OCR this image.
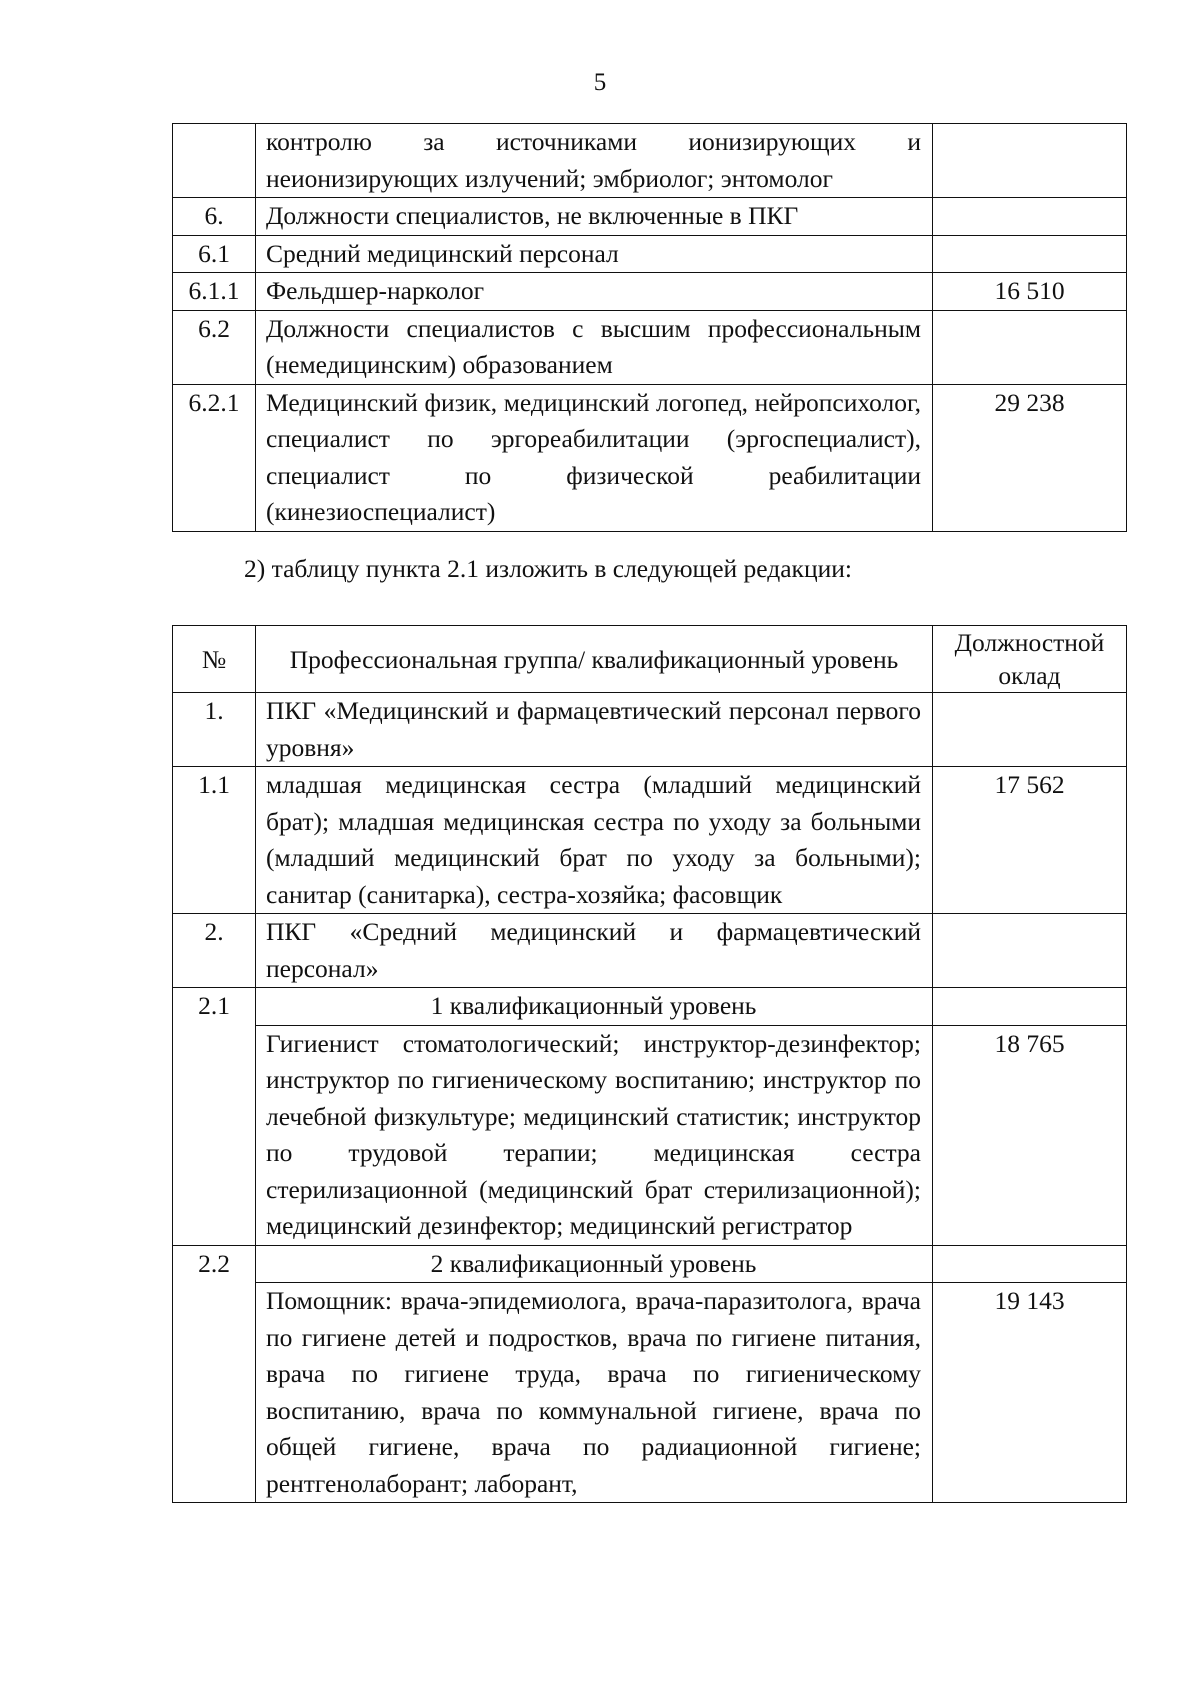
5
	контролю за источниками ионизирующих и неионизирующих излучений; эмбриолог; энтомолог	
6.	Должности специалистов, не включенные в ПКГ	
6.1	Средний медицинский персонал	
6.1.1	Фельдшер-нарколог	16 510
6.2	Должности специалистов с высшим профессиональным (немедицинским) образованием	
6.2.1	Медицинский физик, медицинский логопед, нейропсихолог, специалист по эргореабилитации (эргоспециалист), специалист по физической реабилитации (кинезиоспециалист)	29 238
2) таблицу пункта 2.1 изложить в следующей редакции:
№	Профессиональная группа/ квалификационный уровень	Должностной оклад
1.	ПКГ «Медицинский и фармацевтический персонал первого уровня»	
1.1	младшая медицинская сестра (младший медицинский брат); младшая медицинская сестра по уходу за больными (младший медицинский брат по уходу за больными); санитар (санитарка), сестра-хозяйка; фасовщик	17 562
2.	ПКГ «Средний медицинский и фармацевтический персонал»	
2.1	1 квалификационный уровень	
	Гигиенист стоматологический; инструктор-дезинфектор; инструктор по гигиеническому воспитанию; инструктор по лечебной физкультуре; медицинский статистик; инструктор по трудовой терапии; медицинская сестра стерилизационной (медицинский брат стерилизационной); медицинский дезинфектор; медицинский регистратор	18 765
2.2	2 квалификационный уровень	
	Помощник: врача-эпидемиолога, врача-паразитолога, врача по гигиене детей и подростков, врача по гигиене питания, врача по гигиене труда, врача по гигиеническому воспитанию, врача по коммунальной гигиене, врача по общей гигиене, врача по радиационной гигиене; рентгенолаборант; лаборант,	19 143
